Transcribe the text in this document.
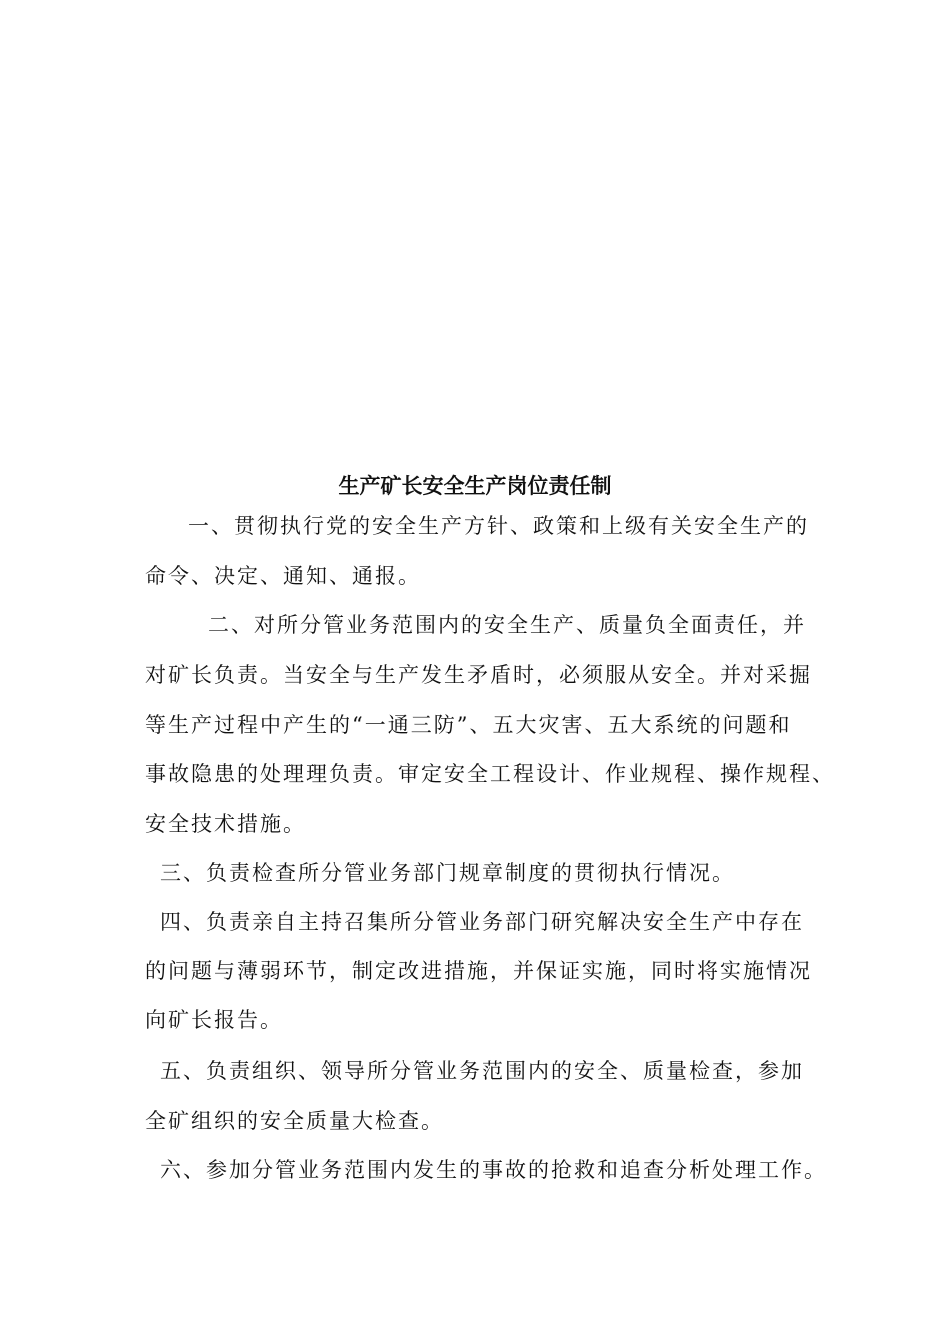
生产矿长安全生产岗位责任制

一、贯彻执行党的安全生产方针、政策和上级有关安全生产的

命令、决定、通知、通报。

二、对所分管业务范围内的安全生产、质量负全面责任，并

对矿长负责。当安全与生产发生矛盾时，必须服从安全。并对采掘

等生产过程中产生的“一通三防”、五大灾害、五大系统的问题和

事故隐患的处理理负责。审定安全工程设计、作业规程、操作规程、

安全技术措施。

三、负责检查所分管业务部门规章制度的贯彻执行情况。

四、负责亲自主持召集所分管业务部门研究解决安全生产中存在

的问题与薄弱环节，制定改进措施，并保证实施，同时将实施情况

向矿长报告。

五、负责组织、领导所分管业务范围内的安全、质量检查，参加

全矿组织的安全质量大检查。

六、参加分管业务范围内发生的事故的抢救和追查分析处理工作。
